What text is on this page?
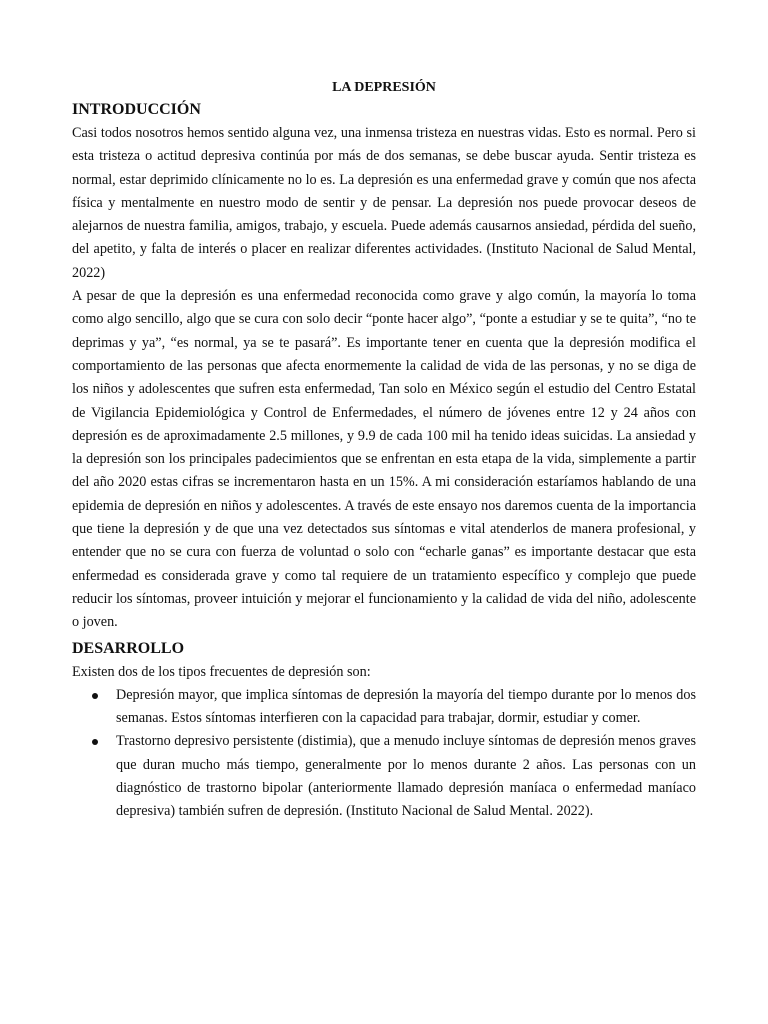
LA DEPRESIÓN
INTRODUCCIÓN

Casi todos nosotros hemos sentido alguna vez, una inmensa tristeza en nuestras vidas. Esto es normal. Pero si esta tristeza o actitud depresiva continúa por más de dos semanas, se debe buscar ayuda. Sentir tristeza es normal, estar deprimido clínicamente no lo es. La depresión es una enfermedad grave y común que nos afecta física y mentalmente en nuestro modo de sentir y de pensar. La depresión nos puede provocar deseos de alejarnos de nuestra familia, amigos, trabajo, y escuela. Puede además causarnos ansiedad, pérdida del sueño, del apetito, y falta de interés o placer en realizar diferentes actividades. (Instituto Nacional de Salud Mental, 2022)

A pesar de que la depresión es una enfermedad reconocida como grave y algo común, la mayoría lo toma como algo sencillo, algo que se cura con solo decir “ponte hacer algo”, “ponte a estudiar y se te quita”, “no te deprimas y ya”, “es normal, ya se te pasará”. Es importante tener en cuenta que la depresión modifica el comportamiento de las personas que afecta enormemente la calidad de vida de las personas, y no se diga de los niños y adolescentes que sufren esta enfermedad, Tan solo en México según el estudio del Centro Estatal de Vigilancia Epidemiológica y Control de Enfermedades, el número de jóvenes entre 12 y 24 años con depresión es de aproximadamente 2.5 millones, y 9.9 de cada 100 mil ha tenido ideas suicidas. La ansiedad y la depresión son los principales padecimientos que se enfrentan en esta etapa de la vida, simplemente a partir del año 2020 estas cifras se incrementaron hasta en un 15%. A mi consideración estaríamos hablando de una epidemia de depresión en niños y adolescentes. A través de este ensayo nos daremos cuenta de la importancia que tiene la depresión y de que una vez detectados sus síntomas e vital atenderlos de manera profesional, y entender que no se cura con fuerza de voluntad o solo con “echarle ganas” es importante destacar que esta enfermedad es considerada grave y como tal requiere de un tratamiento específico y complejo que puede reducir los síntomas, proveer intuición y mejorar el funcionamiento y la calidad de vida del niño, adolescente o joven.

DESARROLLO

Existen dos de los tipos frecuentes de depresión son:

Depresión mayor, que implica síntomas de depresión la mayoría del tiempo durante por lo menos dos semanas. Estos síntomas interfieren con la capacidad para trabajar, dormir, estudiar y comer.
Trastorno depresivo persistente (distimia), que a menudo incluye síntomas de depresión menos graves que duran mucho más tiempo, generalmente por lo menos durante 2 años. Las personas con un diagnóstico de trastorno bipolar (anteriormente llamado depresión maníaca o enfermedad maníaco depresiva) también sufren de depresión. (Instituto Nacional de Salud Mental. 2022).
